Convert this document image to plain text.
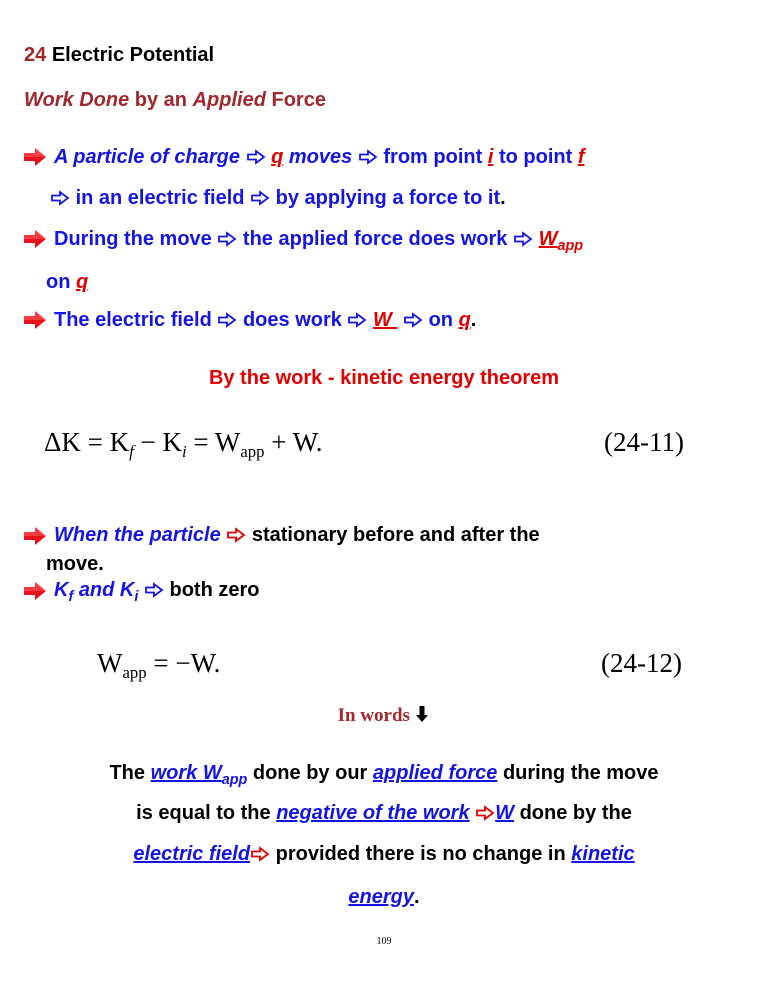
24 Electric Potential
Work Done by an Applied Force
A particle of charge q moves from point i to point f
in an electric field by applying a force to it.
During the move the applied force does work $W_{app}$
on q
The electric field does work W   on q.
By the work - kinetic energy theorem
$\Delta K = K_f - K_i = W_{app} + W$.	(24-11)
When the particle stationary before and after the
move.
$K_f$ and $K_i$ both zero
$W_{app} = -W$.	(24-12)
In words
The work $W_{app}$ done by our applied force during the move
is equal to the negative of the work W done by the
electric field provided there is no change in kinetic
energy.
109
